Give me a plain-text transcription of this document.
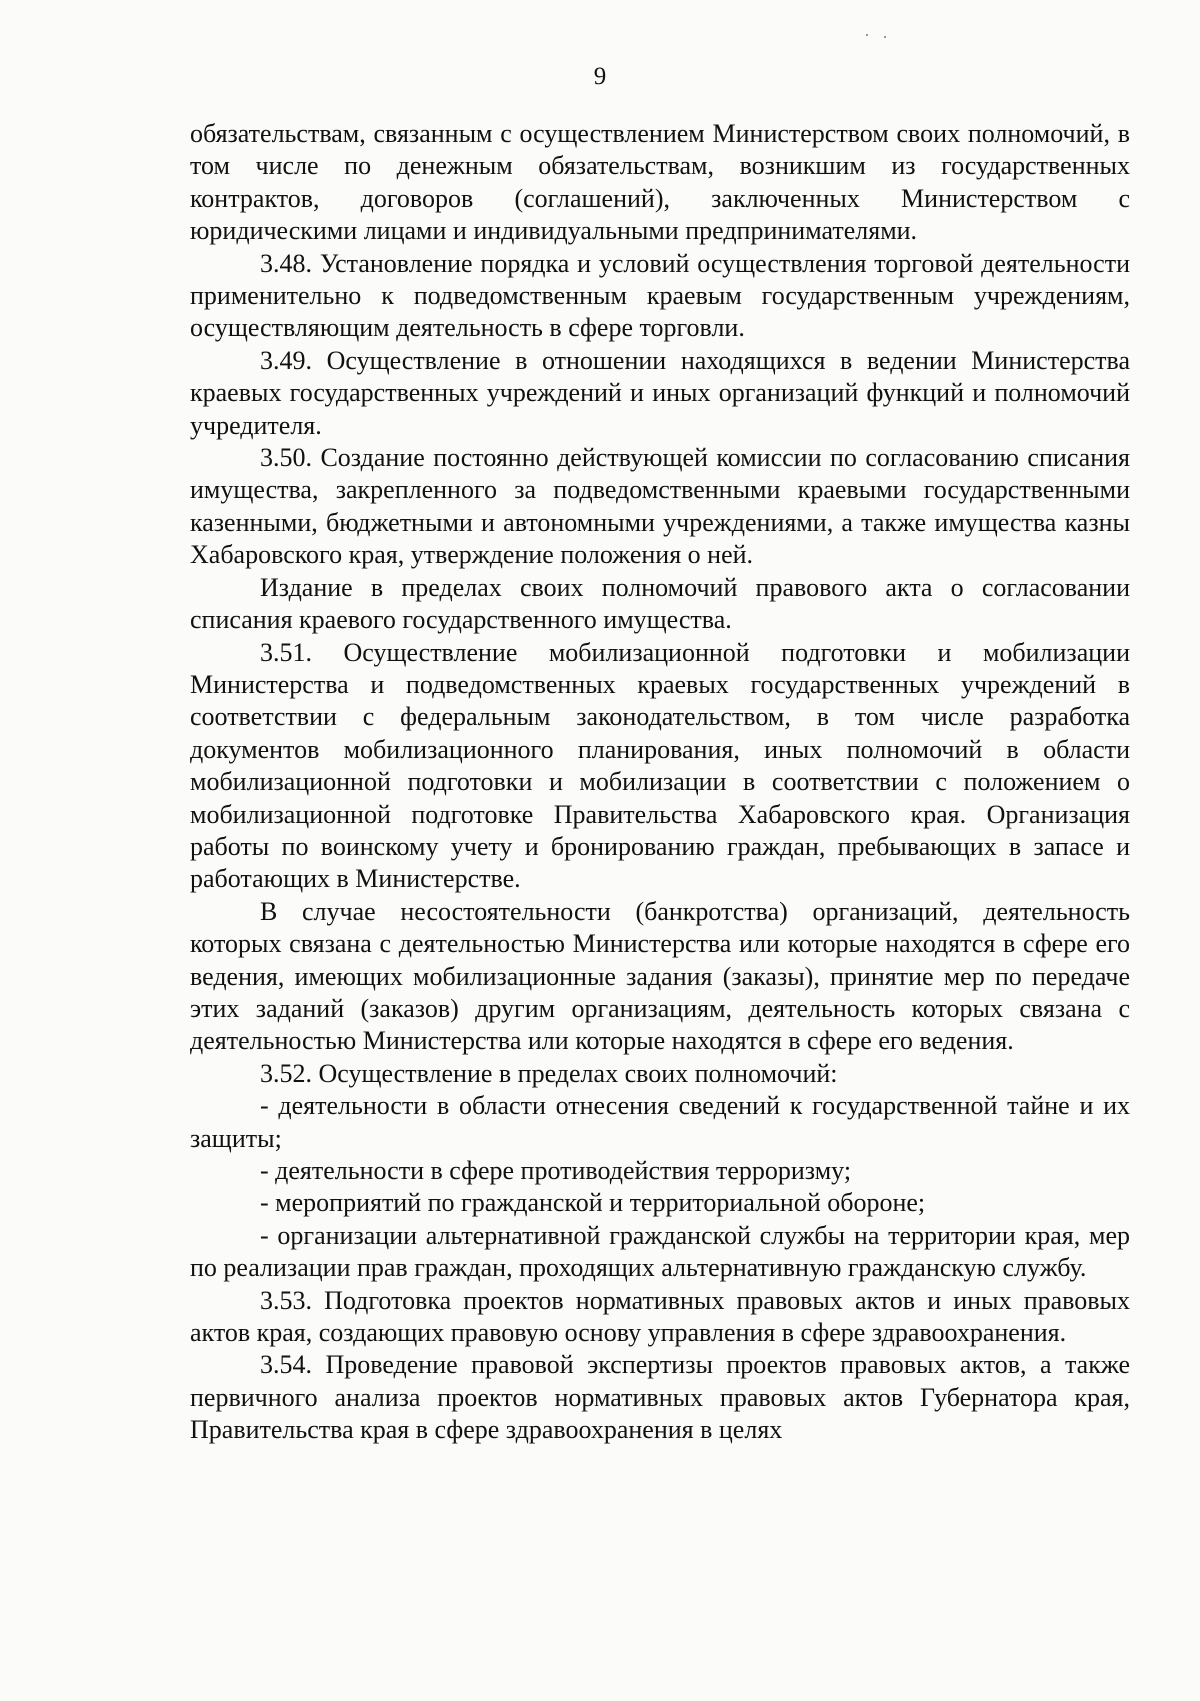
9

обязательствам, связанным с осуществлением Министерством своих полномочий, в том числе по денежным обязательствам, возникшим из государственных контрактов, договоров (соглашений), заключенных Министерством с юридическими лицами и индивидуальными предпринимателями.

3.48. Установление порядка и условий осуществления торговой деятельности применительно к подведомственным краевым государственным учреждениям, осуществляющим деятельность в сфере торговли.

3.49. Осуществление в отношении находящихся в ведении Министерства краевых государственных учреждений и иных организаций функций и полномочий учредителя.

3.50. Создание постоянно действующей комиссии по согласованию списания имущества, закрепленного за подведомственными краевыми государственными казенными, бюджетными и автономными учреждениями, а также имущества казны Хабаровского края, утверждение положения о ней.

Издание в пределах своих полномочий правового акта о согласовании списания краевого государственного имущества.

3.51. Осуществление мобилизационной подготовки и мобилизации Министерства и подведомственных краевых государственных учреждений в соответствии с федеральным законодательством, в том числе разработка документов мобилизационного планирования, иных полномочий в области мобилизационной подготовки и мобилизации в соответствии с положением о мобилизационной подготовке Правительства Хабаровского края. Организация работы по воинскому учету и бронированию граждан, пребывающих в запасе и работающих в Министерстве.

В случае несостоятельности (банкротства) организаций, деятельность которых связана с деятельностью Министерства или которые находятся в сфере его ведения, имеющих мобилизационные задания (заказы), принятие мер по передаче этих заданий (заказов) другим организациям, деятельность которых связана с деятельностью Министерства или которые находятся в сфере его ведения.

3.52. Осуществление в пределах своих полномочий:

- деятельности в области отнесения сведений к государственной тайне и их защиты;

- деятельности в сфере противодействия терроризму;

- мероприятий по гражданской и территориальной обороне;

- организации альтернативной гражданской службы на территории края, мер по реализации прав граждан, проходящих альтернативную гражданскую службу.

3.53. Подготовка проектов нормативных правовых актов и иных правовых актов края, создающих правовую основу управления в сфере здравоохранения.

3.54. Проведение правовой экспертизы проектов правовых актов, а также первичного анализа проектов нормативных правовых актов Губернатора края, Правительства края в сфере здравоохранения в целях
